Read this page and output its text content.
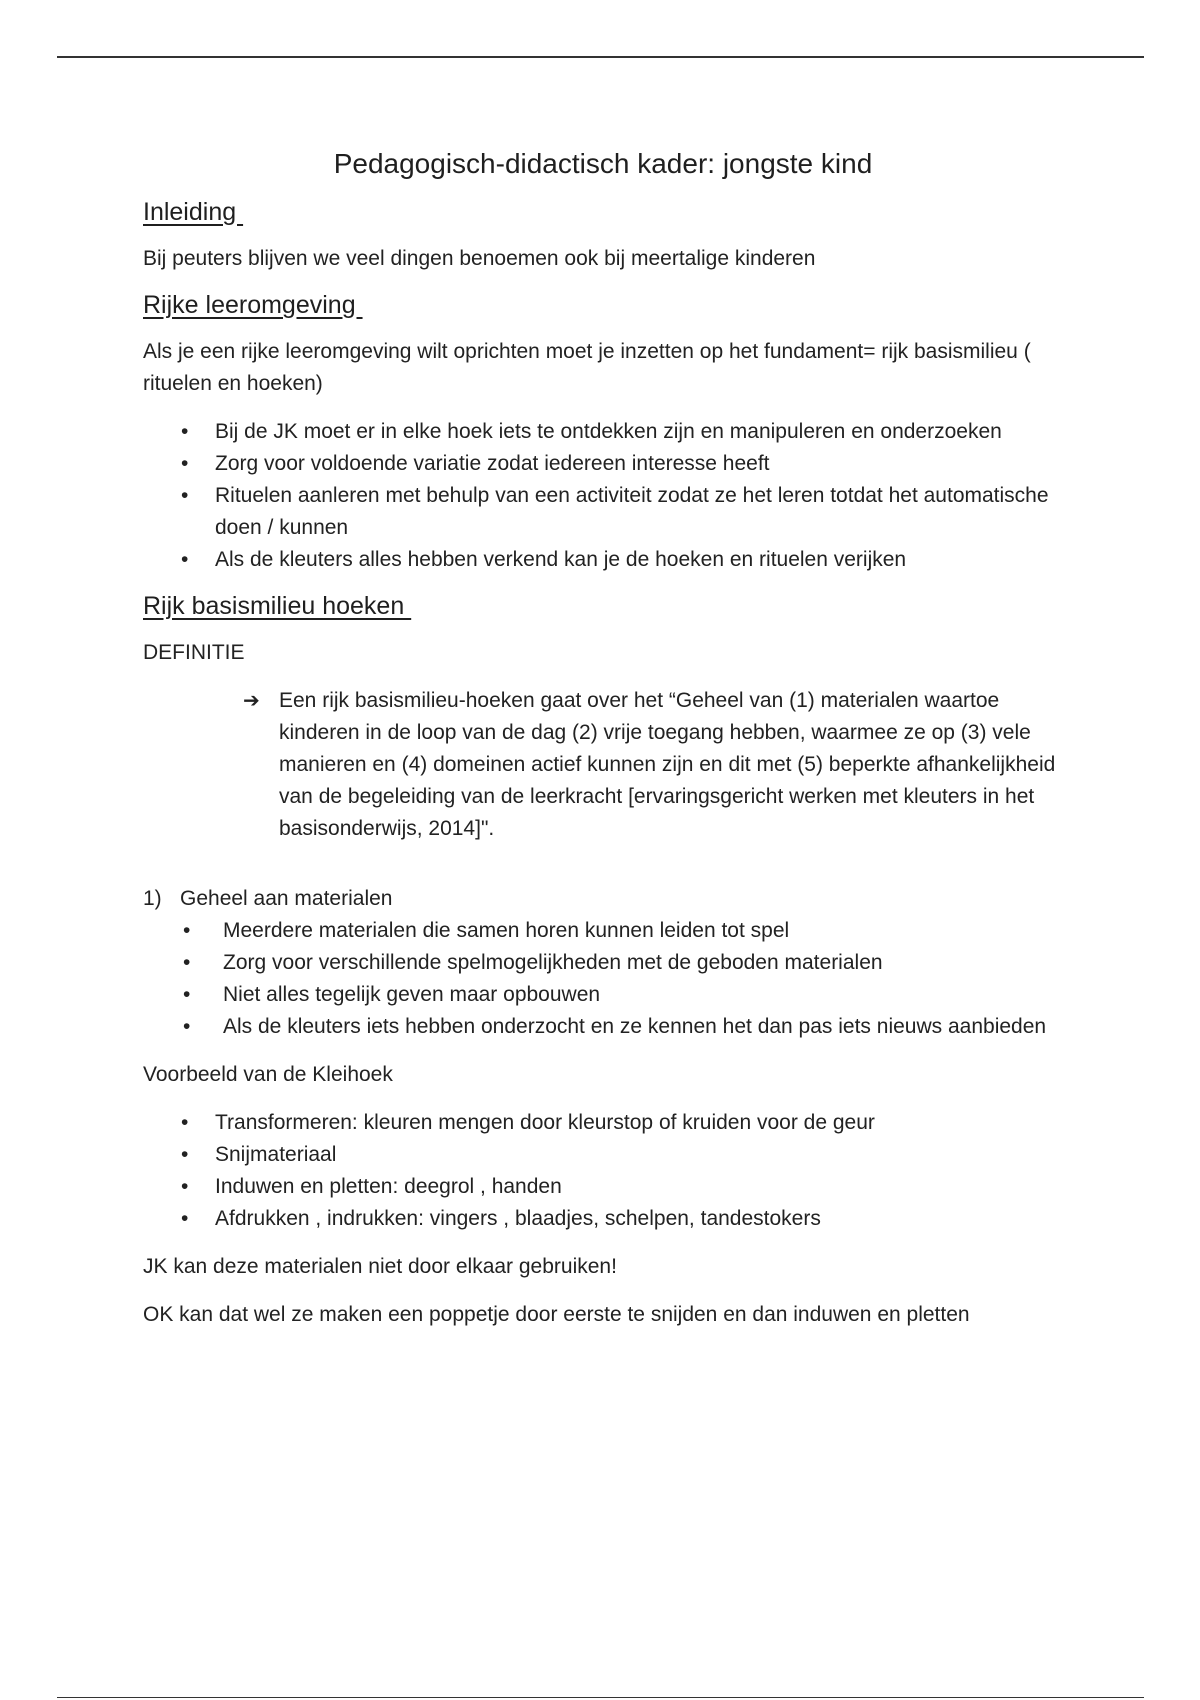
Pedagogisch-didactisch kader: jongste kind
Inleiding

Bij peuters blijven we veel dingen benoemen ook bij meertalige kinderen

Rijke leeromgeving

Als je een rijke leeromgeving wilt oprichten moet je inzetten op het fundament= rijk basismilieu ( rituelen en hoeken)

• Bij de JK moet er in elke hoek iets te ontdekken zijn en manipuleren en onderzoeken
• Zorg voor voldoende variatie zodat iedereen interesse heeft
• Rituelen aanleren met behulp van een activiteit zodat ze het leren totdat het automatische doen / kunnen
• Als de kleuters alles hebben verkend kan je de hoeken en rituelen verijken
Rijk basismilieu hoeken

DEFINITIE

➔ Een rijk basismilieu-hoeken gaat over het “Geheel van (1) materialen waartoe kinderen in de loop van de dag (2) vrije toegang hebben, waarmee ze op (3) vele manieren en (4) domeinen actief kunnen zijn en dit met (5) beperkte afhankelijkheid van de begeleiding van de leerkracht [ervaringsgericht werken met kleuters in het basisonderwijs, 2014]".
1) Geheel aan materialen
• Meerdere materialen die samen horen kunnen leiden tot spel
• Zorg voor verschillende spelmogelijkheden met de geboden materialen
• Niet alles tegelijk geven maar opbouwen
• Als de kleuters iets hebben onderzocht en ze kennen het dan pas iets nieuws aanbieden

Voorbeeld van de Kleihoek

• Transformeren: kleuren mengen door kleurstop of kruiden voor de geur
• Snijmateriaal
• Induwen en pletten: deegrol , handen
• Afdrukken , indrukken: vingers , blaadjes, schelpen, tandestokers

JK kan deze materialen niet door elkaar gebruiken!

OK kan dat wel ze maken een poppetje door eerste te snijden en dan induwen en pletten
